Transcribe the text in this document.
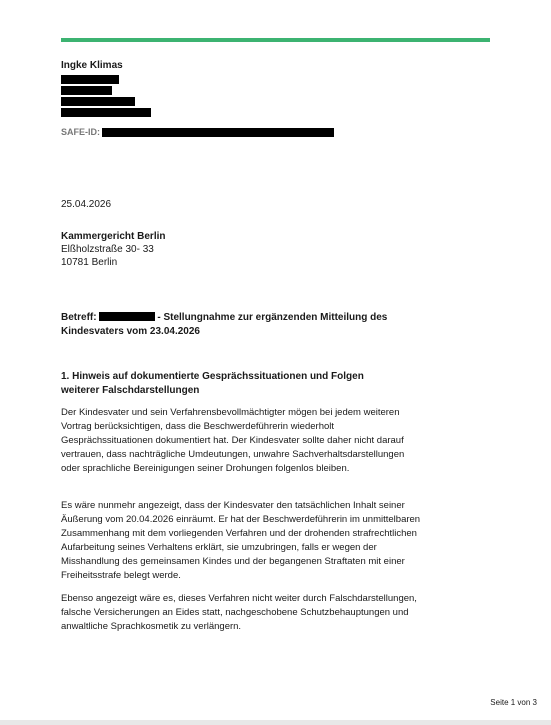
Ingke Klimas
SAFE-ID:
25.04.2026
Kammergericht Berlin
Elßholzstraße 30- 33
10781 Berlin
Betreff:	- Stellungnahme zur ergänzenden Mitteilung des
Kindesvaters vom 23.04.2026
1. Hinweis auf dokumentierte Gesprächssituationen und Folgen weiterer Falschdarstellungen

Der Kindesvater und sein Verfahrensbevollmächtigter mögen bei jedem weiteren Vortrag berücksichtigen, dass die Beschwerdeführerin wiederholt Gesprächssituationen dokumentiert hat. Der Kindesvater sollte daher nicht darauf vertrauen, dass nachträgliche Umdeutungen, unwahre Sachverhaltsdarstellungen oder sprachliche Bereinigungen seiner Drohungen folgenlos bleiben.

Es wäre nunmehr angezeigt, dass der Kindesvater den tatsächlichen Inhalt seiner Äußerung vom 20.04.2026 einräumt. Er hat der Beschwerdeführerin im unmittelbaren Zusammenhang mit dem vorliegenden Verfahren und der drohenden strafrechtlichen Aufarbeitung seines Verhaltens erklärt, sie umzubringen, falls er wegen der Misshandlung des gemeinsamen Kindes und der begangenen Straftaten mit einer Freiheitsstrafe belegt werde.

Ebenso angezeigt wäre es, dieses Verfahren nicht weiter durch Falschdarstellungen, falsche Versicherungen an Eides statt, nachgeschobene Schutzbehauptungen und anwaltliche Sprachkosmetik zu verlängern.

Seite 1 von 3
